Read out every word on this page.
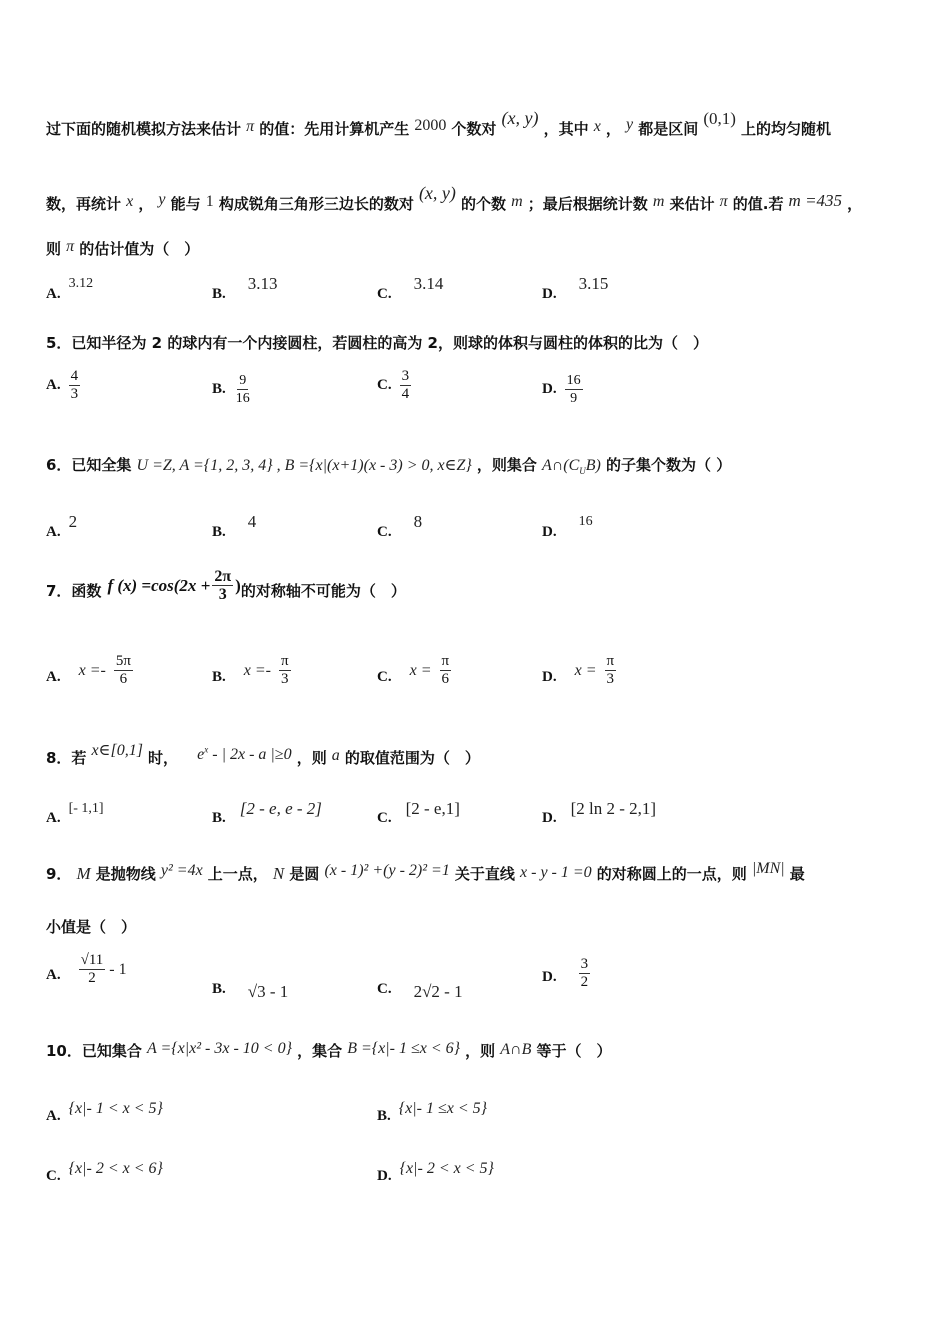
过下面的随机模拟方法来估计 π 的值：先用计算机产生 2000 个数对 (x, y) ，其中 x ， y 都是区间 (0,1) 上的均匀随机
数，再统计 x ， y 能与 1 构成锐角三角形三边长的数对 (x, y) 的个数 m ；最后根据统计数 m 来估计 π 的值.若 m =435 ，
则 π 的估计值为（　）
A.
3.12
B.
3.13
C.
3.14
D.
3.15
5．已知半径为 2 的球内有一个内接圆柱，若圆柱的高为 2，则球的体积与圆柱的体积的比为（　）
A. $\frac{4}{3}$	B. $\frac{9}{16}$	C. $\frac{3}{4}$	D. $\frac{16}{9}$
6．已知全集 U =Z, A ={1, 2, 3, 4} , B ={x|(x+1)(x - 3) > 0, x∈Z} ，则集合 $A\cap(C_UB)$ 的子集个数为（ ）
A.
2
B.
4
C.
8
D.
16
7．函数 f $(x) =\cos(2x + \frac{2\pi}{3}$ ) 的对称轴不可能为（　）
A. $x =- \frac{5\pi}{6}$	B. $x =- \frac{\pi}{3}$	C. $x = \frac{\pi}{6}$	D. $x = \frac{\pi}{3}$
8．若 x∈[0,1] 时， $e^x$ - | 2x - a |≥0 ，则 a 的取值范围为（　）
A.
[- 1,1]
B.
[2 - e, e - 2]
C.
[2 - e,1]
D.
[2 ln 2 - 2,1]
9． M 是抛物线 y² =4x 上一点， N 是圆 (x - 1)² +(y - 2)² =1 关于直线 x - y - 1 =0 的对称圆上的一点，则 |MN| 最
小值是（　）
A. $\frac{√11}{2} - 1$
B. √3 - 1	C. 2√2 - 1
D. $\frac{3}{2}$
10．已知集合 A ={x|x² - 3x - 10 < 0} ，集合 B ={x|- 1 ≤x < 6} ，则 A∩B 等于（　）
A. {x|- 1 < x < 5}	B. {x|- 1 ≤x < 5}
C. {x|- 2 < x < 6}	D. {x|- 2 < x < 5}
